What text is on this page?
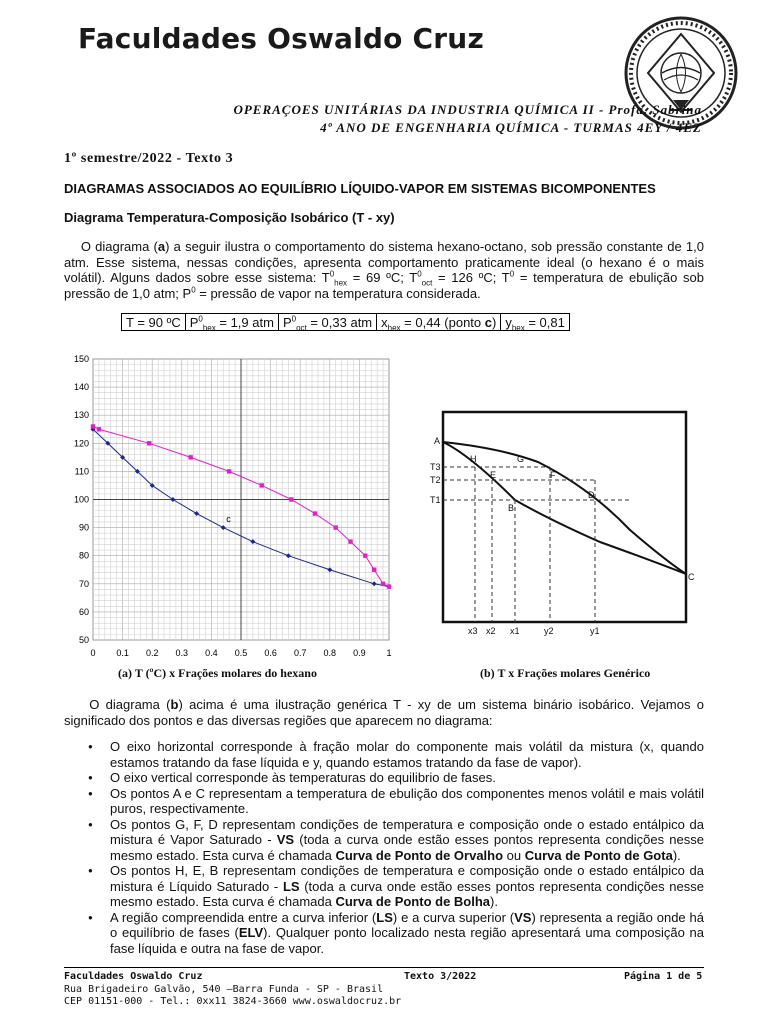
Faculdades Oswaldo Cruz
OPERAÇOES UNITÁRIAS DA INDUSTRIA QUÍMICA II - Profa. Sabrina
4º ANO DE ENGENHARIA QUÍMICA - TURMAS 4EY / 4EZ
1º semestre/2022 - Texto 3
DIAGRAMAS ASSOCIADOS AO EQUILÍBRIO LÍQUIDO-VAPOR EM SISTEMAS BICOMPONENTES
Diagrama Temperatura-Composição Isobárico (T - xy)

O diagrama (a) a seguir ilustra o comportamento do sistema hexano-octano, sob pressão constante de 1,0 atm. Esse sistema, nessas condições, apresenta comportamento praticamente ideal (o hexano é o mais volátil). Alguns dados sobre esse sistema: $T^0_{hex} = 69$ ºC; $T^0_{oct} = 126$ ºC; $T^0$ = temperatura de ebulição sob pressão de 1,0 atm; $P^0$ = pressão de vapor na temperatura considerada.

T = 90 ºC	$P^0_{hex} = 1,9$ atm	$P^0_{oct} = 0,33$ atm	$x_{hex} = 0,44$ (ponto c)	$y_{hex} = 0,81$
0 0.1 0.2 0.3 0.4 0.5 0.6 0.7 0.8 0.9 1
50
60
70
80
90
100
110
120
130
140
150
c
A
H	G
E	F
B
D
C
T3
T2
T1
x3 x2 x1	y2	y1
(a) T (ºC) x Frações molares do hexano	(b) T x Frações molares Genérico

O diagrama (b) acima é uma ilustração genérica T - xy de um sistema binário isobárico. Vejamos o significado dos pontos e das diversas regiões que aparecem no diagrama:

● O eixo horizontal corresponde à fração molar do componente mais volátil da mistura (x, quando estamos tratando da fase líquida e y, quando estamos tratando da fase de vapor).
● O eixo vertical corresponde às temperaturas do equilibrio de fases.
● Os pontos A e C representam a temperatura de ebulição dos componentes menos volátil e mais volátil puros, respectivamente.
● Os pontos G, F, D representam condições de temperatura e composição onde o estado entálpico da mistura é Vapor Saturado - VS (toda a curva onde estão esses pontos representa condições nesse mesmo estado. Esta curva é chamada Curva de Ponto de Orvalho ou Curva de Ponto de Gota).
● Os pontos H, E, B representam condições de temperatura e composição onde o estado entálpico da mistura é Líquido Saturado - LS (toda a curva onde estão esses pontos representa condições nesse mesmo estado. Esta curva é chamada Curva de Ponto de Bolha).
● A região compreendida entre a curva inferior (LS) e a curva superior (VS) representa a região onde há o equilíbrio de fases (ELV). Qualquer ponto localizado nesta região apresentará uma composição na fase líquida e outra na fase de vapor.
Faculdades Oswaldo Cruz
Rua Brigadeiro Galvão, 540 –Barra Funda - SP - Brasil
CEP 01151-000 - Tel.: 0xx11 3824-3660 www.oswaldocruz.br
Texto 3/2022	Página 1 de 5
